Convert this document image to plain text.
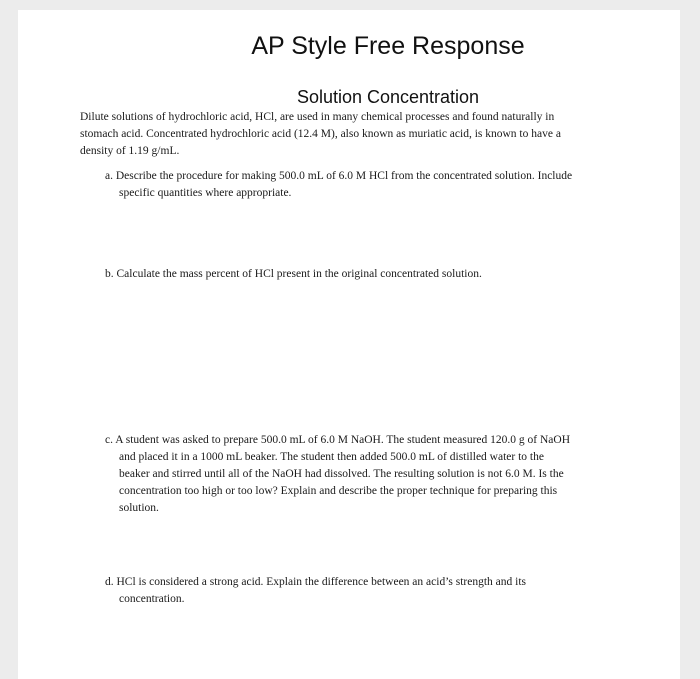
AP Style Free Response
Solution Concentration
Dilute solutions of hydrochloric acid, HCl, are used in many chemical processes and found naturally in
stomach acid. Concentrated hydrochloric acid (12.4 M), also known as muriatic acid, is known to have a
density of 1.19 g/mL.
a. Describe the procedure for making 500.0 mL of 6.0 M HCl from the concentrated solution. Include
specific quantities where appropriate.
b. Calculate the mass percent of HCl present in the original concentrated solution.
c. A student was asked to prepare 500.0 mL of 6.0 M NaOH. The student measured 120.0 g of NaOH
and placed it in a 1000 mL beaker. The student then added 500.0 mL of distilled water to the
beaker and stirred until all of the NaOH had dissolved. The resulting solution is not 6.0 M. Is the
concentration too high or too low? Explain and describe the proper technique for preparing this
solution.
d. HCl is considered a strong acid. Explain the difference between an acid’s strength and its
concentration.
